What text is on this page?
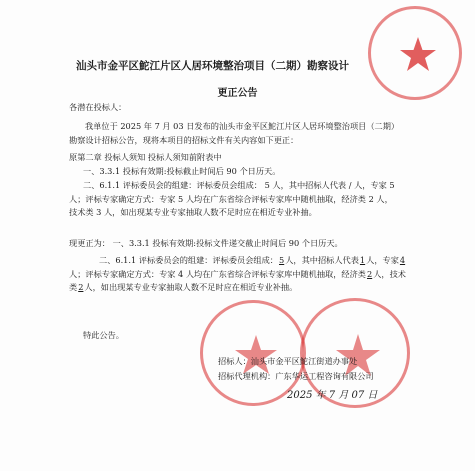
汕头市金平区鮀江片区人居环境整治项目（二期）勘察设计
更正公告
各潜在投标人：
我单位于 2025 年 7 月 03 日发布的汕头市金平区鮀江片区人居环境整治项目（二期）勘察设计招标公告，现将本项目的招标文件有关内容如下更正：
原第二章 投标人须知 投标人须知前附表中
一、3.3.1 投标有效期:投标截止时间后 90 个日历天。
二、6.1.1 评标委员会的组建：评标委员会组成： 5 人，其中招标人代表 / 人，专家 5 人；评标专家确定方式：专家 5 人均在广东省综合评标专家库中随机抽取，经济类 2 人，技术类 3 人，如出现某专业专家抽取人数不足时应在相近专业补抽。
现更正为： 一、3.3.1 投标有效期:投标文件递交截止时间后 90 个日历天。
二、6.1.1 评标委员会的组建：评标委员会组成：5人，其中招标人代表1人，专家4人；评标专家确定方式：专家 4 人均在广东省综合评标专家库中随机抽取，经济类2人，技术类2人，如出现某专业专家抽取人数不足时应在相近专业补抽。
特此公告。
招标人：汕头市金平区鮀江街道办事处
招标代理机构：广东华运工程咨询有限公司
2025 年 7 月 07 日
